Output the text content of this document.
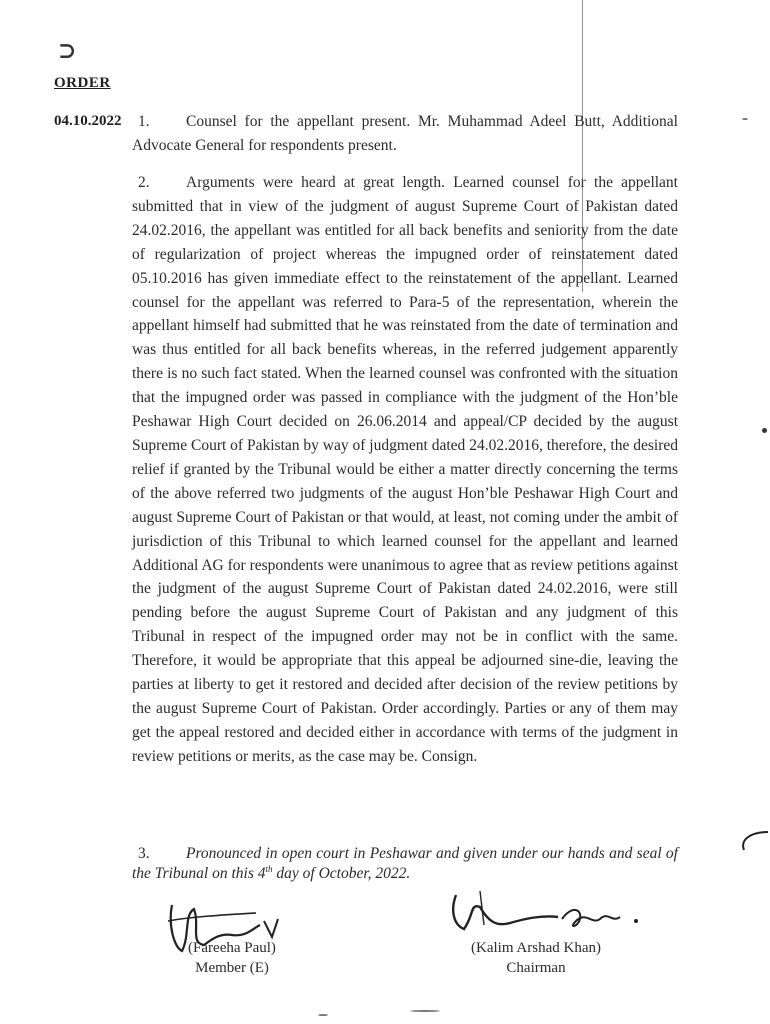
⊃
ORDER
04.10.2022	1. Counsel for the appellant present. Mr. Muhammad Adeel Butt, Additional Advocate General for respondents present.

2. Arguments were heard at great length. Learned counsel for the appellant submitted that in view of the judgment of august Supreme Court of Pakistan dated 24.02.2016, the appellant was entitled for all back benefits and seniority from the date of regularization of project whereas the impugned order of reinstatement dated 05.10.2016 has given immediate effect to the reinstatement of the appellant. Learned counsel for the appellant was referred to Para-5 of the representation, wherein the appellant himself had submitted that he was reinstated from the date of termination and was thus entitled for all back benefits whereas, in the referred judgement apparently there is no such fact stated. When the learned counsel was confronted with the situation that the impugned order was passed in compliance with the judgment of the Hon’ble Peshawar High Court decided on 26.06.2014 and appeal/CP decided by the august Supreme Court of Pakistan by way of judgment dated 24.02.2016, therefore, the desired relief if granted by the Tribunal would be either a matter directly concerning the terms of the above referred two judgments of the august Hon’ble Peshawar High Court and august Supreme Court of Pakistan or that would, at least, not coming under the ambit of jurisdiction of this Tribunal to which learned counsel for the appellant and learned Additional AG for respondents were unanimous to agree that as review petitions against the judgment of the august Supreme Court of Pakistan dated 24.02.2016, were still pending before the august Supreme Court of Pakistan and any judgment of this Tribunal in respect of the impugned order may not be in conflict with the same. Therefore, it would be appropriate that this appeal be adjourned sine-die, leaving the parties at liberty to get it restored and decided after decision of the review petitions by the august Supreme Court of Pakistan. Order accordingly. Parties or any of them may get the appeal restored and decided either in accordance with terms of the judgment in review petitions or merits, as the case may be. Consign.

3. Pronounced in open court in Peshawar and given under our hands and seal of the Tribunal on this 4th day of October, 2022.

(Fareeha Paul)
Member (E)
(Kalim Arshad Khan)
Chairman
